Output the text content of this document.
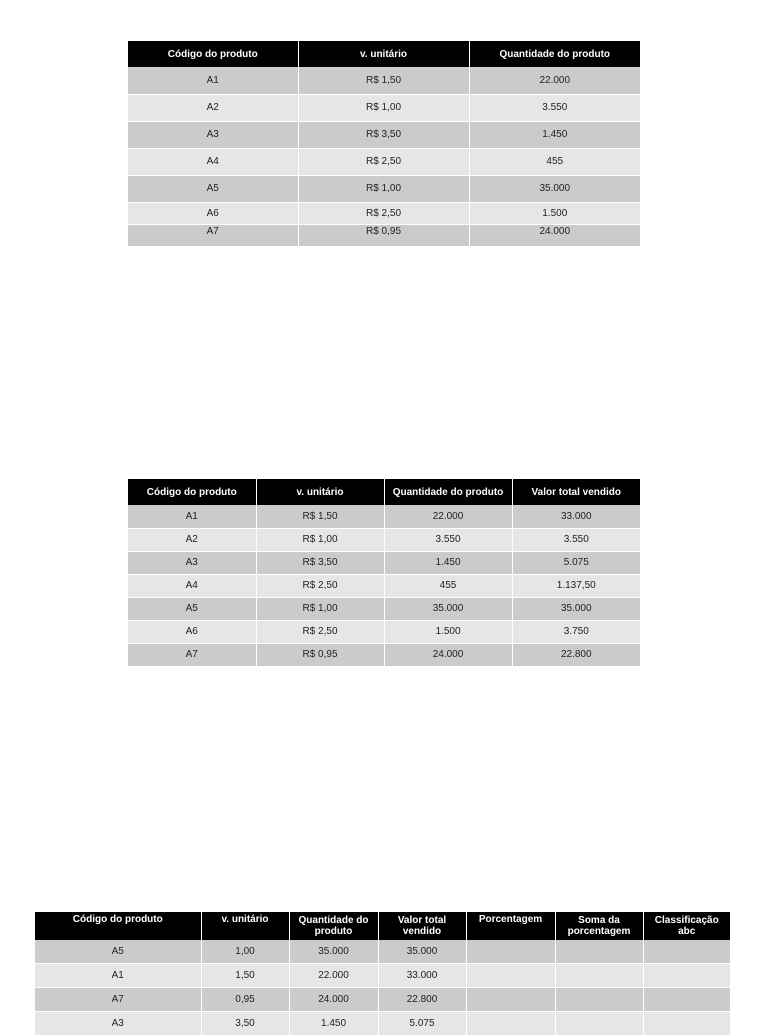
Código do produto	v. unitário	Quantidade do produto
A1	R$ 1,50	22.000
A2	R$ 1,00	3.550
A3	R$ 3,50	1.450
A4	R$ 2,50	455
A5	R$ 1,00	35.000
A6	R$ 2,50	1.500
A7	R$ 0,95	24.000
Código do produto	v. unitário	Quantidade do produto	Valor total vendido
A1	R$ 1,50	22.000	33.000
A2	R$ 1,00	3.550	3.550
A3	R$ 3,50	1.450	5.075
A4	R$ 2,50	455	1.137,50
A5	R$ 1,00	35.000	35.000
A6	R$ 2,50	1.500	3.750
A7	R$ 0,95	24.000	22.800
Código do produto	v. unitário	Quantidade do produto	Valor total vendido	Porcentagem	Soma da porcentagem	Classificação abc
A5	1,00	35.000	35.000			
A1	1,50	22.000	33.000			
A7	0,95	24.000	22.800			
A3	3,50	1.450	5.075			
